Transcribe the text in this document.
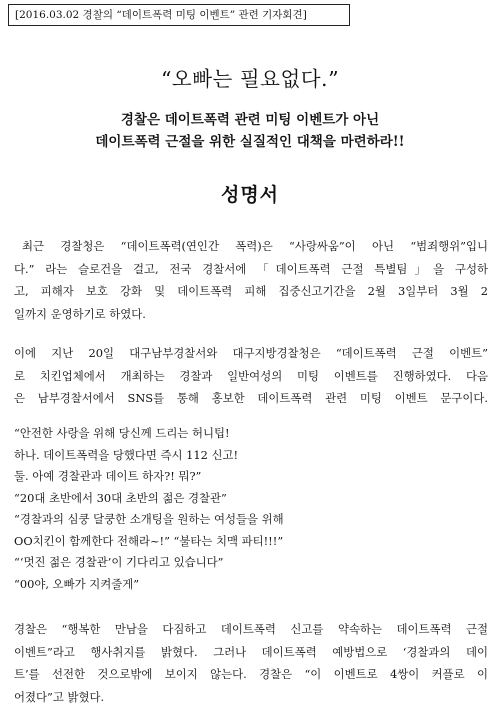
[2016.03.02 경찰의 “데이트폭력 미팅 이벤트” 관련 기자회견]
“오빠는 필요없다.”
경찰은 데이트폭력 관련 미팅 이벤트가 아닌
데이트폭력 근절을 위한 실질적인 대책을 마련하라!!
성명서
최근 경찰청은 “데이트폭력(연인간 폭력)은 “사랑싸움”이 아닌 “범죄행위”입니
다.” 라는 슬로건을 걸고, 전국 경찰서에 「데이트폭력 근절 특별팀」을 구성하
고, 피해자 보호 강화 및 데이트폭력 피해 집중신고기간을 2월 3일부터 3월 2
일까지 운영하기로 하였다.
이에 지난 20일 대구남부경찰서와 대구지방경찰청은 “데이트폭력 근절 이벤트”
로 치킨업체에서 개최하는 경찰과 일반여성의 미팅 이벤트를 진행하였다. 다음
은 남부경찰서에서 SNS를 통해 홍보한 데이트폭력 관련 미팅 이벤트 문구이다.
“안전한 사랑을 위해 당신께 드리는 허니팁!
하나. 데이트폭력을 당했다면 즉시 112 신고!
둘. 아예 경찰관과 데이트 하자?! 뭐?”
“20대 초반에서 30대 초반의 젊은 경찰관”
“경찰과의 심쿵 달쿵한 소개팅을 원하는 여성들을 위해
OO치킨이 함께한다 전해라~!” “불타는 치맥 파티!!!”
“‘멋진 젊은 경찰관’이 기다리고 있습니다”
“00야, 오빠가 지켜줄게”
경찰은 “행복한 만남을 다짐하고 데이트폭력 신고를 약속하는 데이트폭력 근절
이벤트”라고 행사취지를 밝혔다. 그러나 데이트폭력 예방법으로 ‘경찰과의 데이
트’를 선전한 것으로밖에 보이지 않는다. 경찰은 “이 이벤트로 4쌍이 커플로 이
어졌다”고 밝혔다.
